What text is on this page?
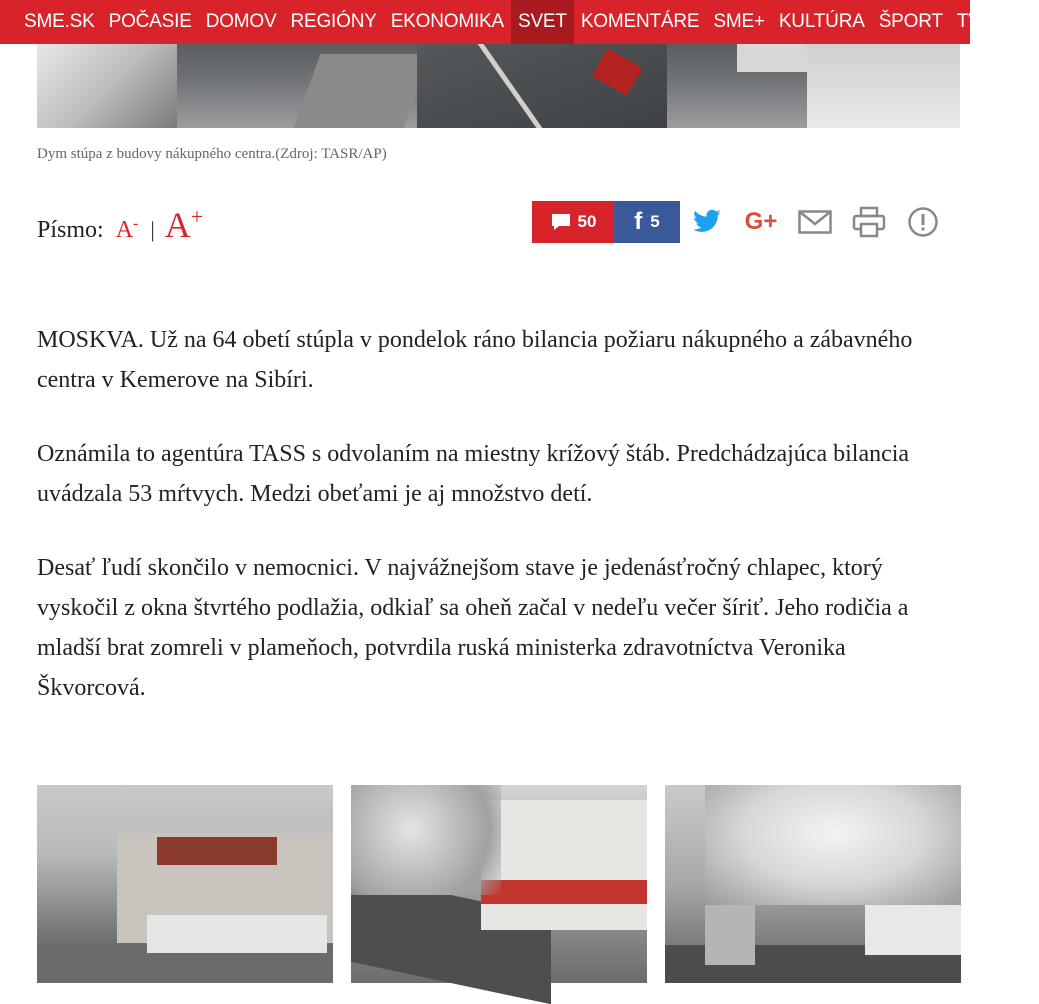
SME.SK POČASIE DOMOV REGIÓNY EKONOMIKA SVET KOMENTÁRE SME+ KULTÚRA ŠPORT TV AUT
Dym stúpa z budovy nákupného centra.(Zdroj: TASR/AP)
Písmo: A- | A+	50 f 5	G+

MOSKVA. Už na 64 obetí stúpla v pondelok ráno bilancia požiaru nákupného a zábavného centra v Kemerove na Sibíri.

Oznámila to agentúra TASS s odvolaním na miestny krížový štáb. Predchádzajúca bilancia uvádzala 53 mŕtvych. Medzi obeťami je aj množstvo detí.

Desať ľudí skončilo v nemocnici. V najvážnejšom stave je jedenásťročný chlapec, ktorý vyskočil z okna štvrtého podlažia, odkiaľ sa oheň začal v nedeľu večer šíriť. Jeho rodičia a mladší brat zomreli v plameňoch, potvrdila ruská ministerka zdravotníctva Veronika Škvorcová.
